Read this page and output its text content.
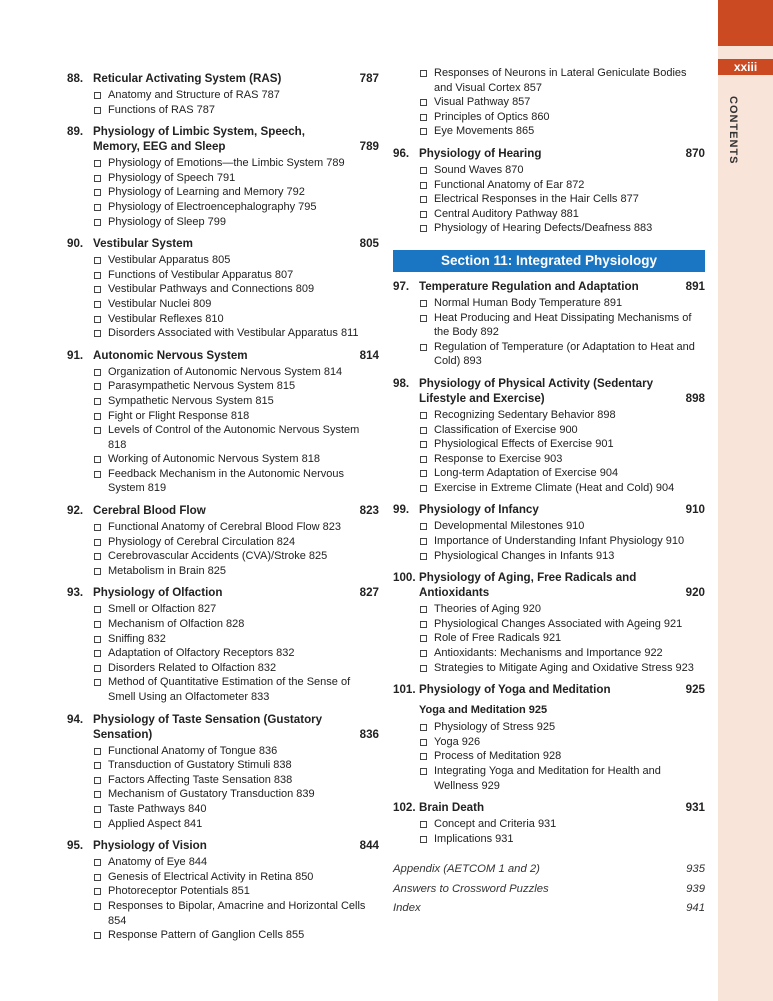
xxiii
CONTENTS
88. Reticular Activating System (RAS)	787
Anatomy and Structure of RAS 787
Functions of RAS 787
89. Physiology of Limbic System, Speech, Memory, EEG and Sleep	789
Physiology of Emotions—the Limbic System 789
Physiology of Speech 791
Physiology of Learning and Memory 792
Physiology of Electroencephalography 795
Physiology of Sleep 799
90. Vestibular System	805
Vestibular Apparatus 805
Functions of Vestibular Apparatus 807
Vestibular Pathways and Connections 809
Vestibular Nuclei 809
Vestibular Reflexes 810
Disorders Associated with Vestibular Apparatus 811
91. Autonomic Nervous System	814
Organization of Autonomic Nervous System 814
Parasympathetic Nervous System 815
Sympathetic Nervous System 815
Fight or Flight Response 818
Levels of Control of the Autonomic Nervous System 818
Working of Autonomic Nervous System 818
Feedback Mechanism in the Autonomic Nervous System 819
92. Cerebral Blood Flow	823
Functional Anatomy of Cerebral Blood Flow 823
Physiology of Cerebral Circulation 824
Cerebrovascular Accidents (CVA)/Stroke 825
Metabolism in Brain 825
93. Physiology of Olfaction	827
Smell or Olfaction 827
Mechanism of Olfaction 828
Sniffing 832
Adaptation of Olfactory Receptors 832
Disorders Related to Olfaction 832
Method of Quantitative Estimation of the Sense of Smell Using an Olfactometer 833
94. Physiology of Taste Sensation (Gustatory Sensation)	836
Functional Anatomy of Tongue 836
Transduction of Gustatory Stimuli 838
Factors Affecting Taste Sensation 838
Mechanism of Gustatory Transduction 839
Taste Pathways 840
Applied Aspect 841
95. Physiology of Vision	844
Anatomy of Eye 844
Genesis of Electrical Activity in Retina 850
Photoreceptor Potentials 851
Responses to Bipolar, Amacrine and Horizontal Cells 854
Response Pattern of Ganglion Cells 855
Responses of Neurons in Lateral Geniculate Bodies and Visual Cortex 857
Visual Pathway 857
Principles of Optics 860
Eye Movements 865
96. Physiology of Hearing	870
Sound Waves 870
Functional Anatomy of Ear 872
Electrical Responses in the Hair Cells 877
Central Auditory Pathway 881
Physiology of Hearing Defects/Deafness 883
Section 11: Integrated Physiology
97. Temperature Regulation and Adaptation	891
Normal Human Body Temperature 891
Heat Producing and Heat Dissipating Mechanisms of the Body 892
Regulation of Temperature (or Adaptation to Heat and Cold) 893
98. Physiology of Physical Activity (Sedentary Lifestyle and Exercise)	898
Recognizing Sedentary Behavior 898
Classification of Exercise 900
Physiological Effects of Exercise 901
Response to Exercise 903
Long-term Adaptation of Exercise 904
Exercise in Extreme Climate (Heat and Cold) 904
99. Physiology of Infancy	910
Developmental Milestones 910
Importance of Understanding Infant Physiology 910
Physiological Changes in Infants 913
100. Physiology of Aging, Free Radicals and Antioxidants	920
Theories of Aging 920
Physiological Changes Associated with Ageing 921
Role of Free Radicals 921
Antioxidants: Mechanisms and Importance 922
Strategies to Mitigate Aging and Oxidative Stress 923
101. Physiology of Yoga and Meditation	925
Yoga and Meditation 925
Physiology of Stress 925
Yoga 926
Process of Meditation 928
Integrating Yoga and Meditation for Health and Wellness 929
102. Brain Death	931
Concept and Criteria 931
Implications 931
Appendix (AETCOM 1 and 2)	935
Answers to Crossword Puzzles	939
Index	941
